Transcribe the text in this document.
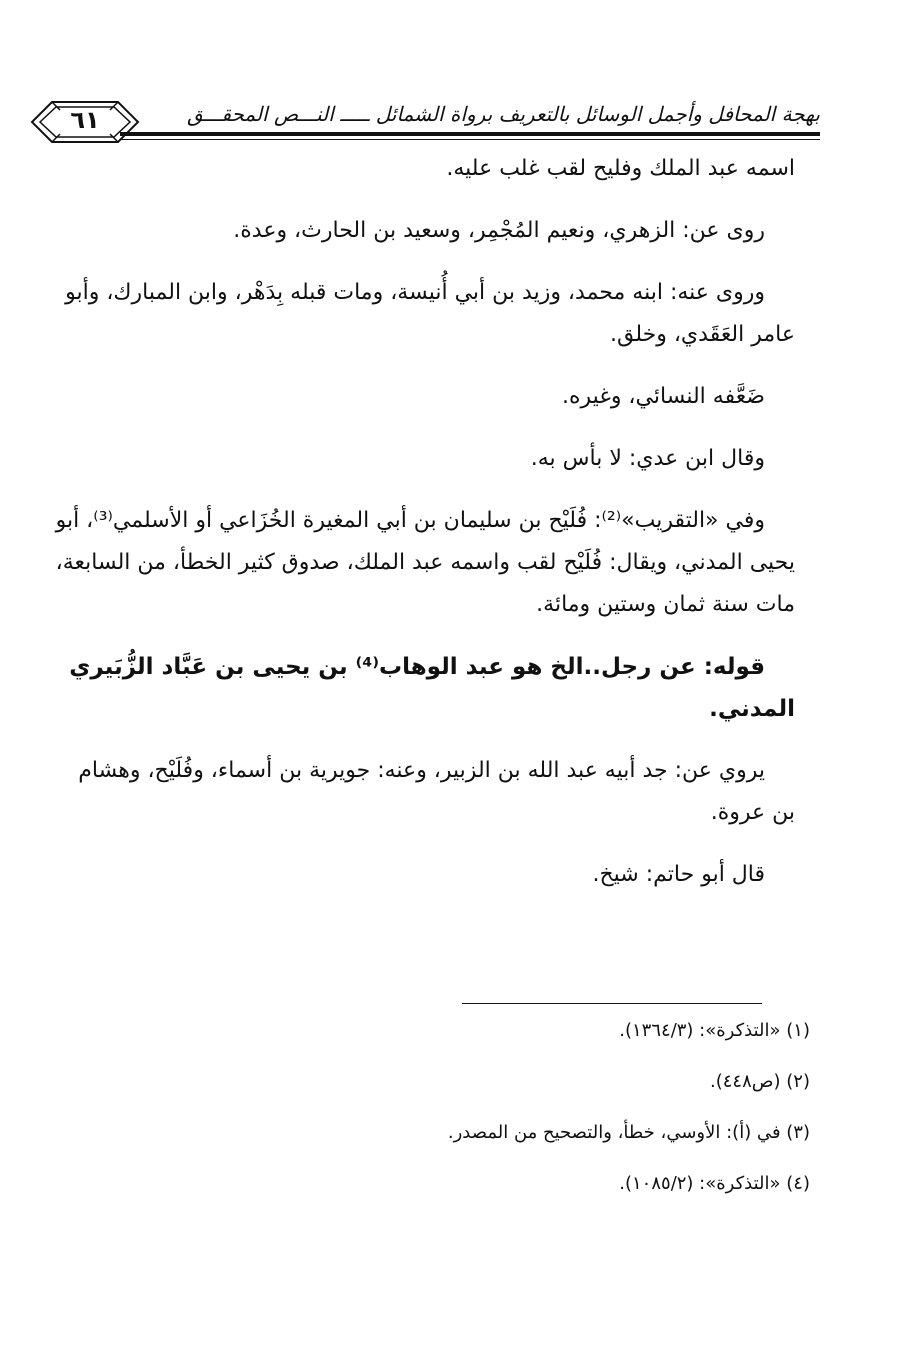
بهجة المحافل وأجمل الوسائل بالتعريف برواة الشمائل ـــــ النـــص المحقـــق
٦١

اسمه عبد الملك وفليح لقب غلب عليه.

روى عن: الزهري، ونعيم المُجْمِر، وسعيد بن الحارث، وعدة.

وروى عنه: ابنه محمد، وزيد بن أبي أُنيسة، ومات قبله بِدَهْر، وابن المبارك، وأبو عامر العَقَدي، وخلق.

ضَعَّفه النسائي، وغيره.

وقال ابن عدي: لا بأس به.

وفي «التقريب»⁽²⁾: فُلَيْح بن سليمان بن أبي المغيرة الخُزَاعي أو الأسلمي⁽³⁾، أبو يحيى المدني، ويقال: فُلَيْح لقب واسمه عبد الملك، صدوق كثير الخطأ، من السابعة، مات سنة ثمان وستين ومائة.

قوله: عن رجل..الخ هو عبد الوهاب⁽⁴⁾ بن يحيى بن عَبَّاد الزُّبَيري المدني.

يروي عن: جد أبيه عبد الله بن الزبير، وعنه: جويرية بن أسماء، وفُلَيْح، وهشام بن عروة.

قال أبو حاتم: شيخ.

(١) «التذكرة»: (١٣٦٤/٣).

(٢) (ص٤٤٨).

(٣) في (أ): الأوسي، خطأ، والتصحيح من المصدر.

(٤) «التذكرة»: (١٠٨٥/٢).
